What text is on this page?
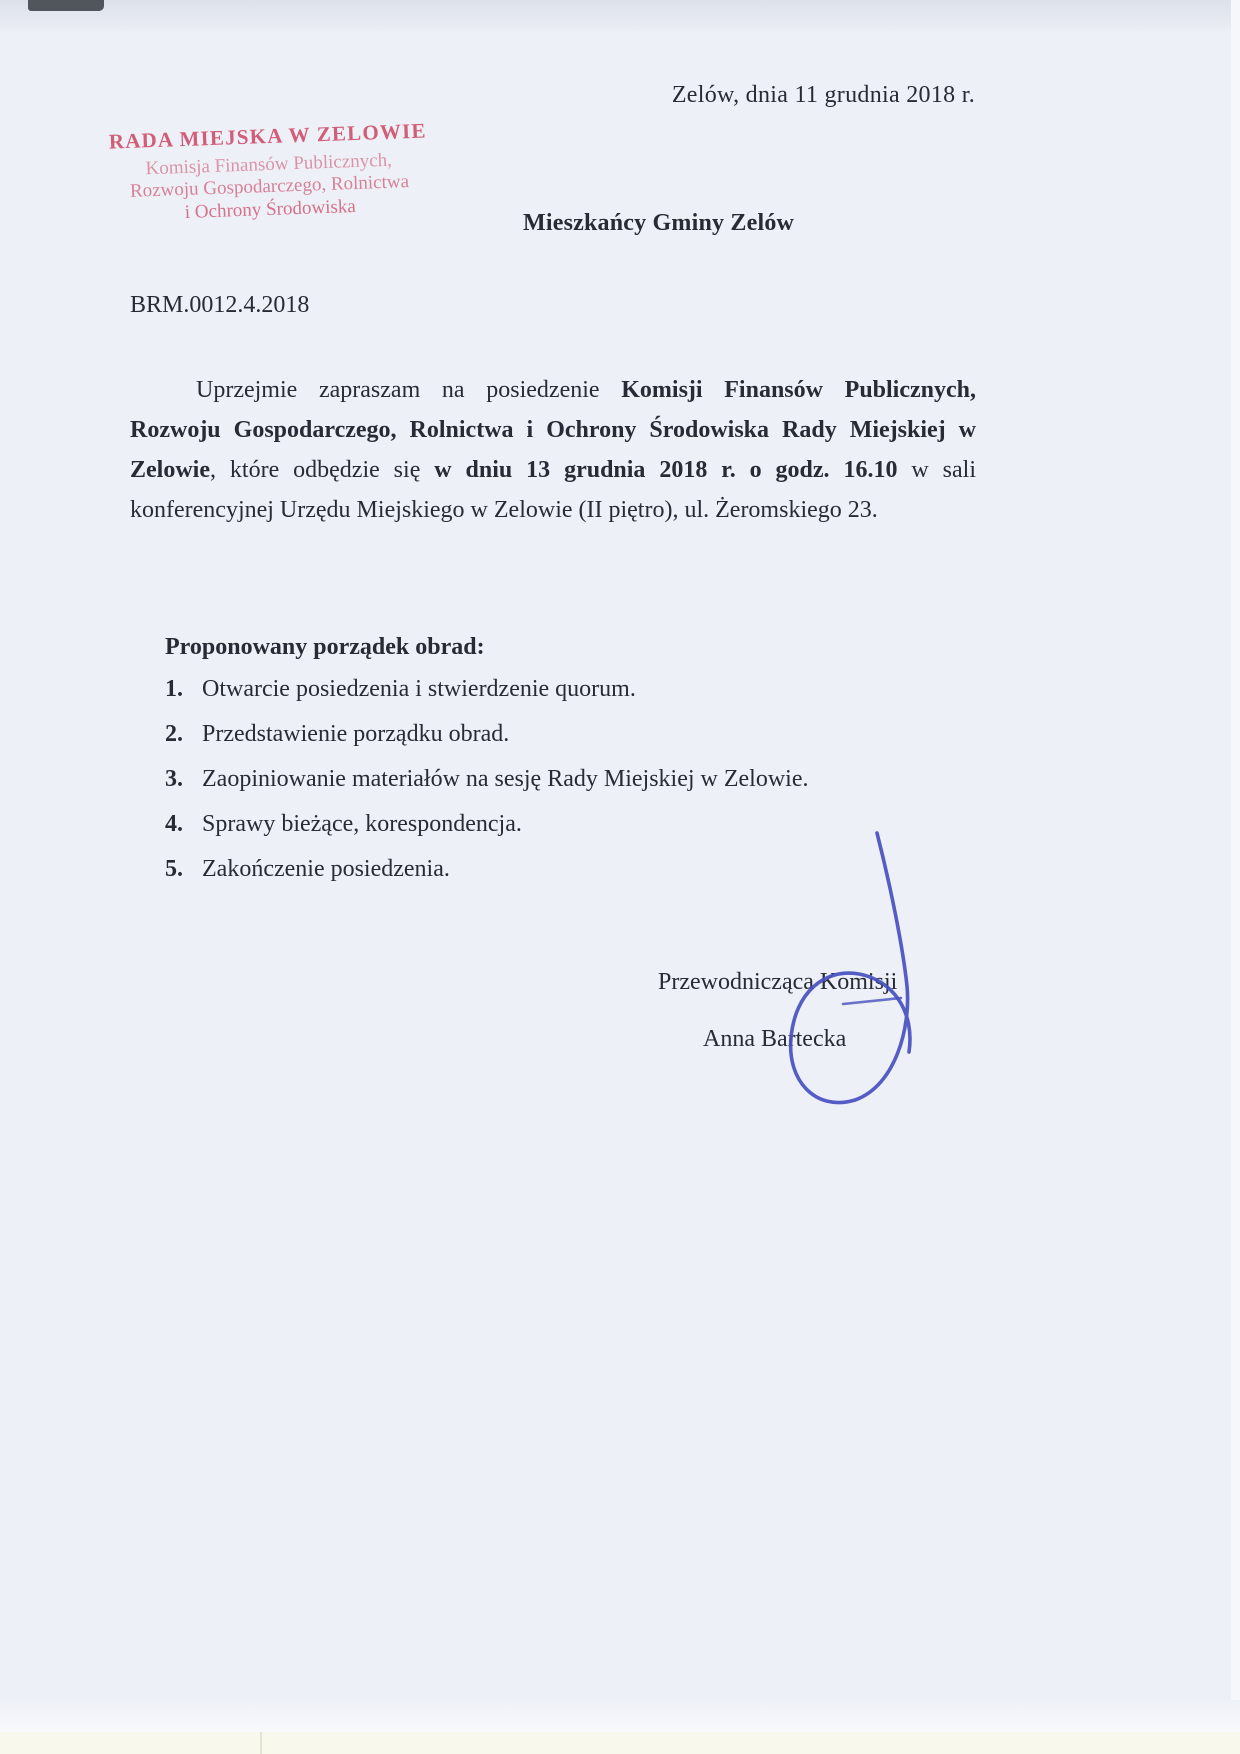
Zelów, dnia 11 grudnia 2018 r.
RADA MIEJSKA W ZELOWIE
Komisja Finansów Publicznych,
Rozwoju Gospodarczego, Rolnictwa
i Ochrony Środowiska
Mieszkańcy Gminy Zelów
BRM.0012.4.2018
Uprzejmie zapraszam na posiedzenie Komisji Finansów Publicznych, Rozwoju Gospodarczego, Rolnictwa i Ochrony Środowiska Rady Miejskiej w Zelowie, które odbędzie się w dniu 13 grudnia 2018 r. o godz. 16.10 w sali konferencyjnej Urzędu Miejskiego w Zelowie (II piętro), ul. Żeromskiego 23.
Proponowany porządek obrad:
1. Otwarcie posiedzenia i stwierdzenie quorum.
2. Przedstawienie porządku obrad.
3. Zaopiniowanie materiałów na sesję Rady Miejskiej w Zelowie.
4. Sprawy bieżące, korespondencja.
5. Zakończenie posiedzenia.
Przewodnicząca Komisji
Anna Bartecka
